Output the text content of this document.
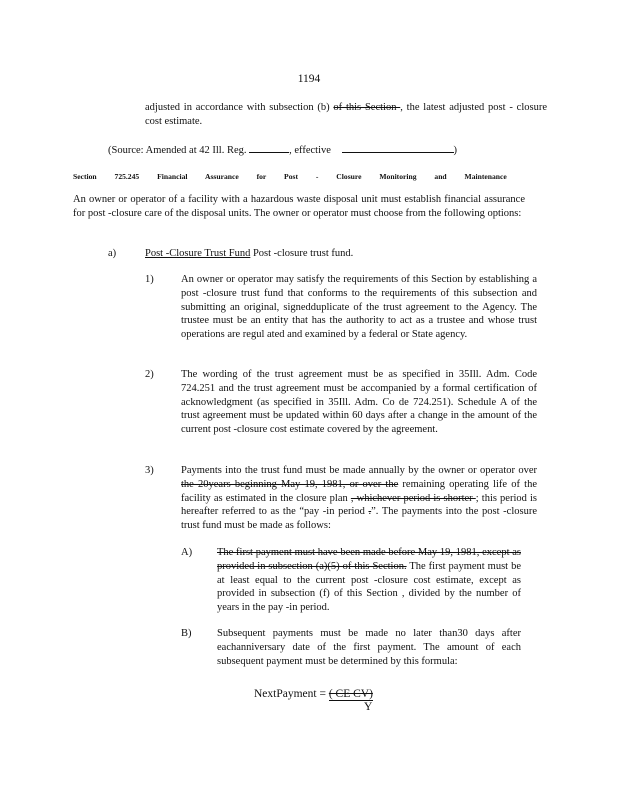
1194
adjusted in accordance with subsection (b) of this Section , the latest adjusted post - closure cost estimate.
(Source: Amended at 42 Ill. Reg.	, effective	)
Section 725.245 Financial Assurance for Post - Closure Monitoring and Maintenance
An owner or operator of a facility with a hazardous waste disposal unit must establish financial assurance for post -closure care of the disposal units. The owner or operator must choose from the following options:
a)	Post -Closure Trust Fund Post -closure trust fund.
1)	An owner or operator may satisfy the requirements of this Section by establishing a post -closure trust fund that conforms to the requirements of this subsection and submitting an original, signedduplicate of the trust agreement to the Agency. The trustee must be an entity that has the authority to act as a trustee and whose trust operations are regul ated and examined by a federal or State agency.
2)	The wording of the trust agreement must be as specified in 35Ill. Adm. Code 724.251 and the trust agreement must be accompanied by a formal certification of acknowledgment (as specified in 35Ill. Adm. Co de 724.251). Schedule A of the trust agreement must be updated within 60 days after a change in the amount of the current post -closure cost estimate covered by the agreement.
3)	Payments into the trust fund must be made annually by the owner or operator over the 20years beginning May 19, 1981, or over the remaining operating life of the facility as estimated in the closure plan , whichever period is shorter ; this period is hereafter referred to as the “pay -in period .”. The payments into the post -closure trust fund must be made as follows:
A) The first payment must have been made before May 19, 1981, except as provided in subsection (a)(5) of this Section. The first payment must be at least equal to the current post -closure cost estimate, except as provided in subsection (f) of this Section , divided by the number of years in the pay -in period.
B) Subsequent payments must be made no later than30 days after eachanniversary date of the first payment. The amount of each subsequent payment must be determined by this formula:
NextPayment = ( CE CV)
Y
